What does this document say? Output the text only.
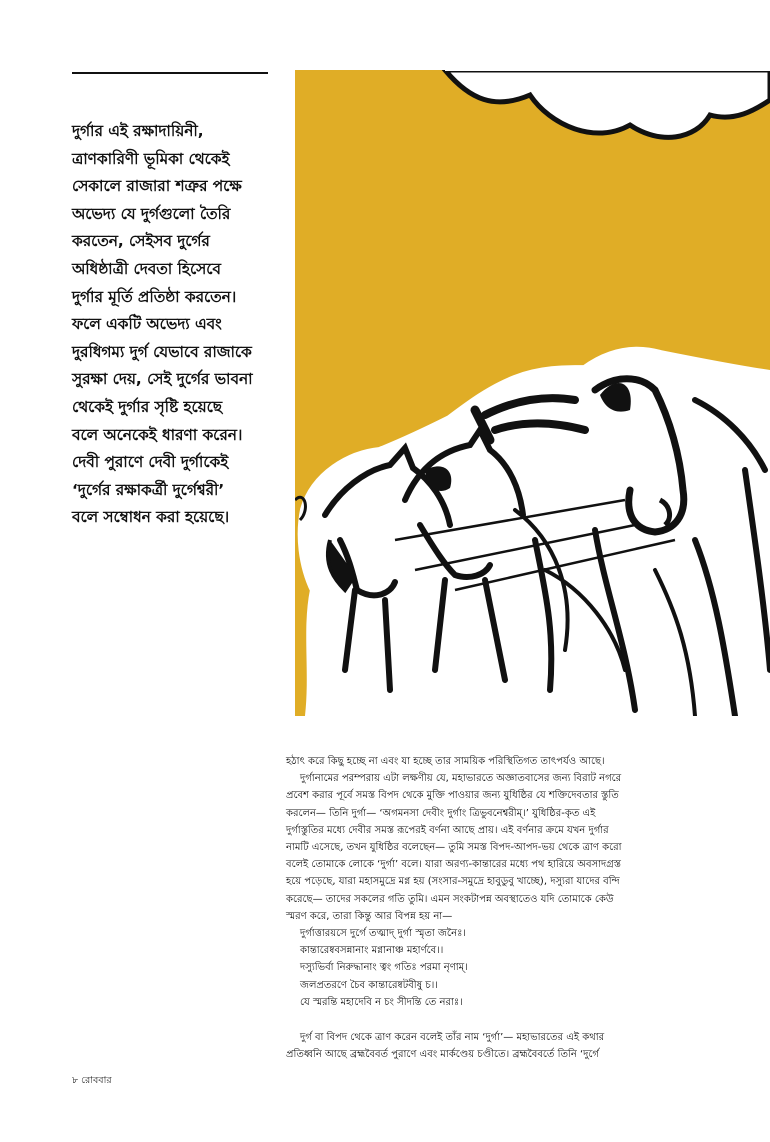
দুর্গার এই রক্ষাদায়িনী,
ত্রাণকারিণী ভূমিকা থেকেই
সেকালে রাজারা শত্রুর পক্ষে
অভেদ্য যে দুর্গগুলো তৈরি
করতেন, সেইসব দুর্গের
অধিষ্ঠাত্রী দেবতা হিসেবে
দুর্গার মূর্তি প্রতিষ্ঠা করতেন।
ফলে একটি অভেদ্য এবং
দুরধিগম্য দুর্গ যেভাবে রাজাকে
সুরক্ষা দেয়, সেই দুর্গের ভাবনা
থেকেই দুর্গার সৃষ্টি হয়েছে
বলে অনেকেই ধারণা করেন।
দেবী পুরাণে দেবী দুর্গাকেই
‘দুর্গের রক্ষাকর্ত্রী দুর্গেশ্বরী’
বলে সম্বোধন করা হয়েছে।
হঠাৎ করে কিছু হচ্ছে না এবং যা হচ্ছে তার সাময়িক পরিস্থিতিগত তাৎপর্যও আছে।
দুর্গানামের পরম্পরায় এটা লক্ষণীয় যে, মহাভারতে অজ্ঞাতবাসের জন্য বিরাট নগরে
প্রবেশ করার পূর্বে সমস্ত বিপদ থেকে মুক্তি পাওয়ার জন্য যুধিষ্ঠির যে শক্তিদেবতার স্তুতি
করলেন— তিনি দুর্গা— ‘অগমনসা দেবীং দুর্গাং ত্রিভুবনেশ্বরীম্।’ যুধিষ্ঠির-কৃত এই
দুর্গাস্তুতির মধ্যে দেবীর সমস্ত রূপেরই বর্ণনা আছে প্রায়। এই বর্ণনার ক্রমে যখন দুর্গার
নামটি এসেছে, তখন যুধিষ্ঠির বলেছেন— তুমি সমস্ত বিপদ-আপদ-ভয় থেকে ত্রাণ করো
বলেই তোমাকে লোকে ‘দুর্গা’ বলে। যারা অরণ্য-কান্তারের মধ্যে পথ হারিয়ে অবসাদগ্রস্ত
হয়ে পড়েছে, যারা মহাসমুদ্রে মগ্ন হয় (সংসার-সমুদ্রে হাবুডুবু খাচ্ছে), দস্যুরা যাদের বন্দি
করেছে— তাদের সকলের গতি তুমি। এমন সংকটাপন্ন অবস্থাতেও যদি তোমাকে কেউ
স্মরণ করে, তারা কিন্তু আর বিপন্ন হয় না—
দুর্গাত্তারয়সে দুর্গে তত্মাদ্ দুর্গা স্মৃতা জনৈঃ।
কান্তারেষ্ববসন্নানাং মগ্নানাঞ্চ মহার্ণবে।।
দস্যুভির্বা নিরুদ্ধানাং ত্বং গতিঃ পরমা নৃণাম্।
জলপ্রতরণে চৈব কান্তারেষ্বটবীষু চ।।
যে স্মরন্তি মহাদেবি ন চং সীদন্তি তে নরাঃ।
দুর্গ বা বিপদ থেকে ত্রাণ করেন বলেই তাঁর নাম ‘দুর্গা’— মহাভারতের এই কথার
প্রতিধ্বনি আছে ব্রহ্মবৈবর্ত পুরাণে এবং মার্কণ্ডেয় চণ্ডীতে। ব্রহ্মবৈবর্তে তিনি ‘দুর্গে
৮ রোববার
